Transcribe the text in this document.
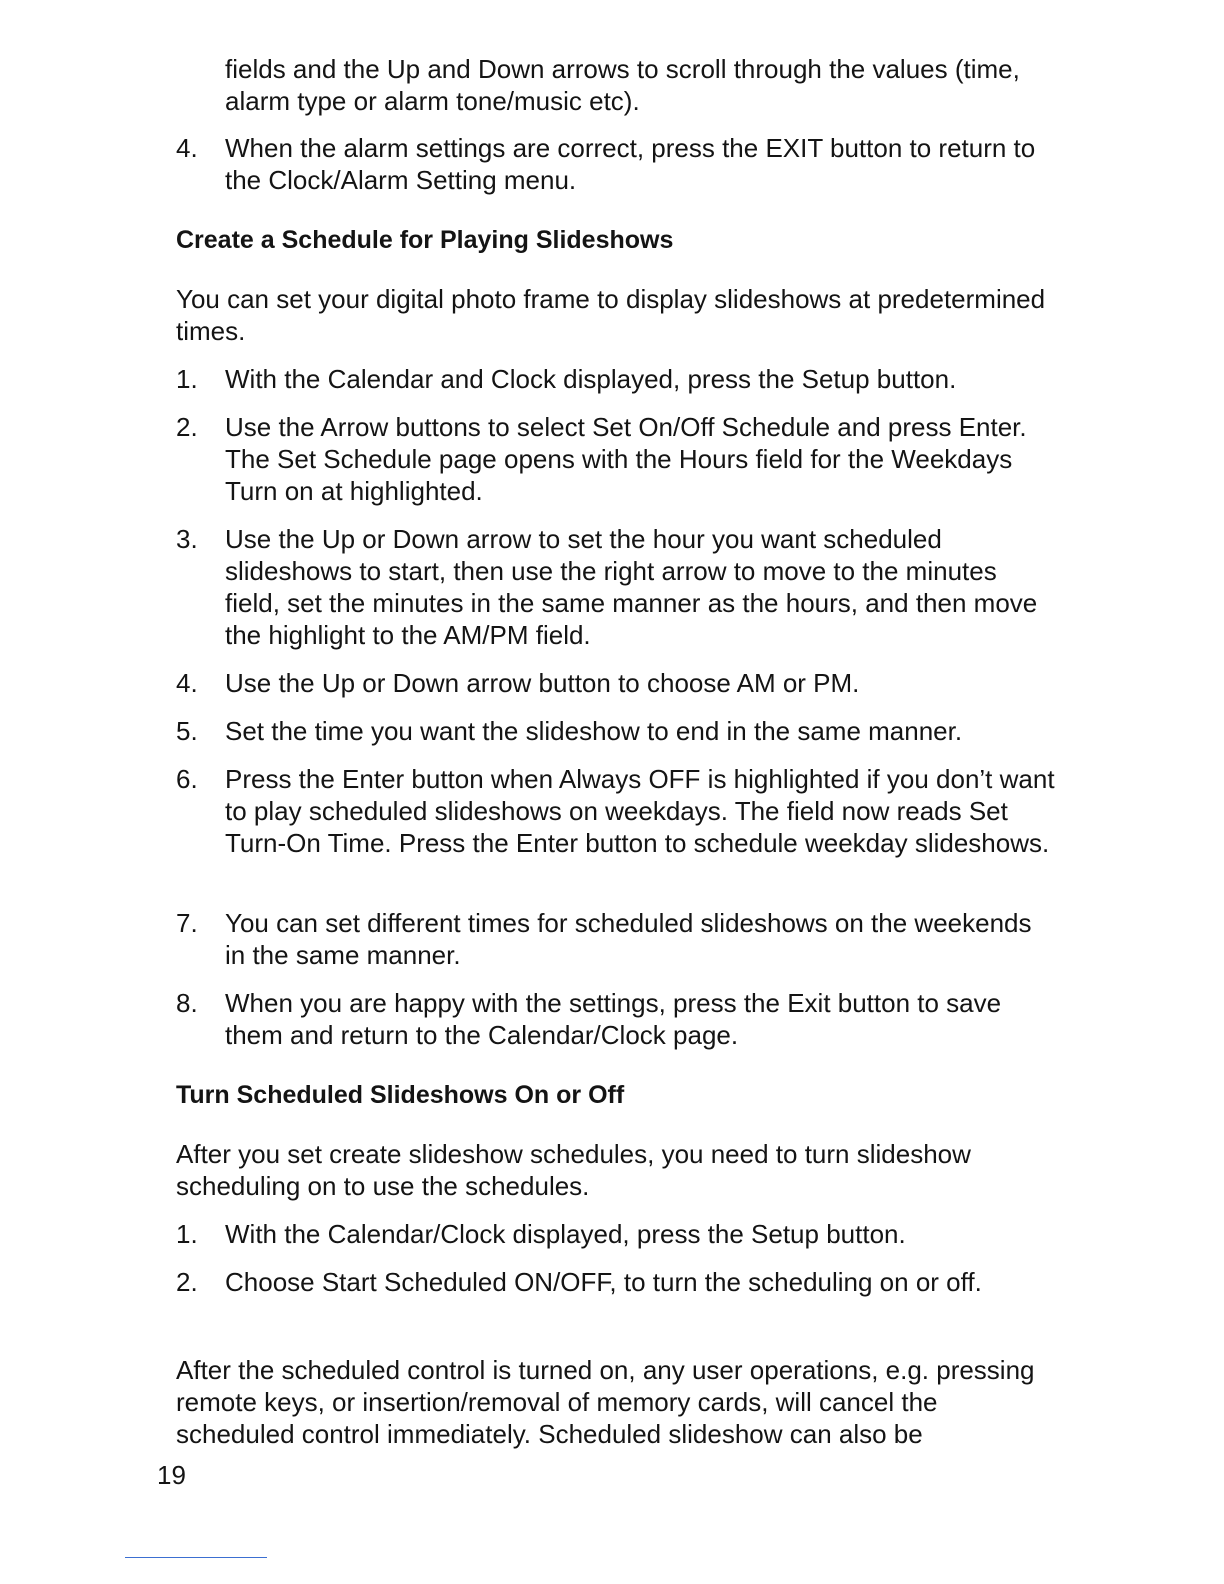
fields and the Up and Down arrows to scroll through the values (time, alarm type or alarm tone/music etc).

4.	When the alarm settings are correct, press the EXIT button to return to the Clock/Alarm Setting menu.
Create a Schedule for Playing Slideshows

You can set your digital photo frame to display slideshows at predetermined times.

1.	With the Calendar and Clock displayed, press the Setup button.
2.	Use the Arrow buttons to select Set On/Off Schedule and press Enter. The Set Schedule page opens with the Hours field for the Weekdays Turn on at highlighted.
3.	Use the Up or Down arrow to set the hour you want scheduled slideshows to start, then use the right arrow to move to the minutes field, set the minutes in the same manner as the hours, and then move the highlight to the AM/PM field.
4.	Use the Up or Down arrow button to choose AM or PM.
5.	Set the time you want the slideshow to end in the same manner.
6.	Press the Enter button when Always OFF is highlighted if you don’t want to play scheduled slideshows on weekdays. The field now reads Set Turn-On Time. Press the Enter button to schedule weekday slideshows.
7.	You can set different times for scheduled slideshows on the weekends in the same manner.
8.	When you are happy with the settings, press the Exit button to save them and return to the Calendar/Clock page.
Turn Scheduled Slideshows On or Off

After you set create slideshow schedules, you need to turn slideshow scheduling on to use the schedules.

1.	With the Calendar/Clock displayed, press the Setup button.
2.	Choose Start Scheduled ON/OFF, to turn the scheduling on or off.

After the scheduled control is turned on, any user operations, e.g. pressing remote keys, or insertion/removal of memory cards, will cancel the scheduled control immediately. Scheduled slideshow can also be

19
